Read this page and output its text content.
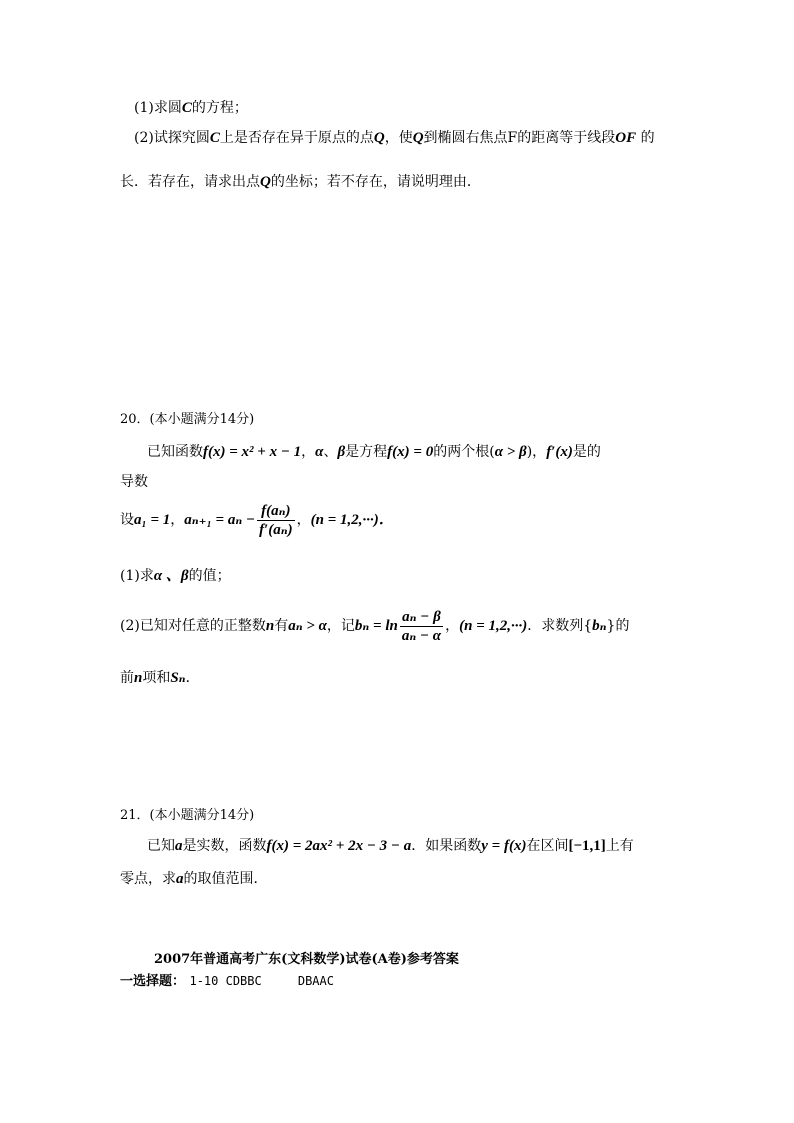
(1)求圆C的方程；
(2)试探究圆C上是否存在异于原点的点Q，使Q到椭圆右焦点F的距离等于线段OF 的
长．若存在，请求出点Q的坐标；若不存在，请说明理由．
20．(本小题满分14分)
已知函数f(x) = x² + x − 1，α、β是方程f(x) = 0的两个根(α > β)，f′(x)是的
导数
设a₁ = 1，$a_{n+1} = a_n - \frac{\text{f(aₙ)}}{\text{f′(aₙ)}}$ ，(n = 1,2,···)．
(1)求α 、β的值；
(2)已知对任意的正整数n有aₙ > α，记$b_n = \ln \frac{\text{aₙ − β}}{\text{aₙ − α}}$ ，(n = 1,2,···)．求数列{bₙ}的
前n项和Sₙ．
21．(本小题满分14分)
已知a是实数，函数f(x) = 2ax² + 2x − 3 − a．如果函数y = f(x)在区间[−1,1]上有
零点，求a的取值范围．
2007年普通高考广东(文科数学)试卷(A卷)参考答案
一选择题： 1-10 CDBBC     DBAAC
